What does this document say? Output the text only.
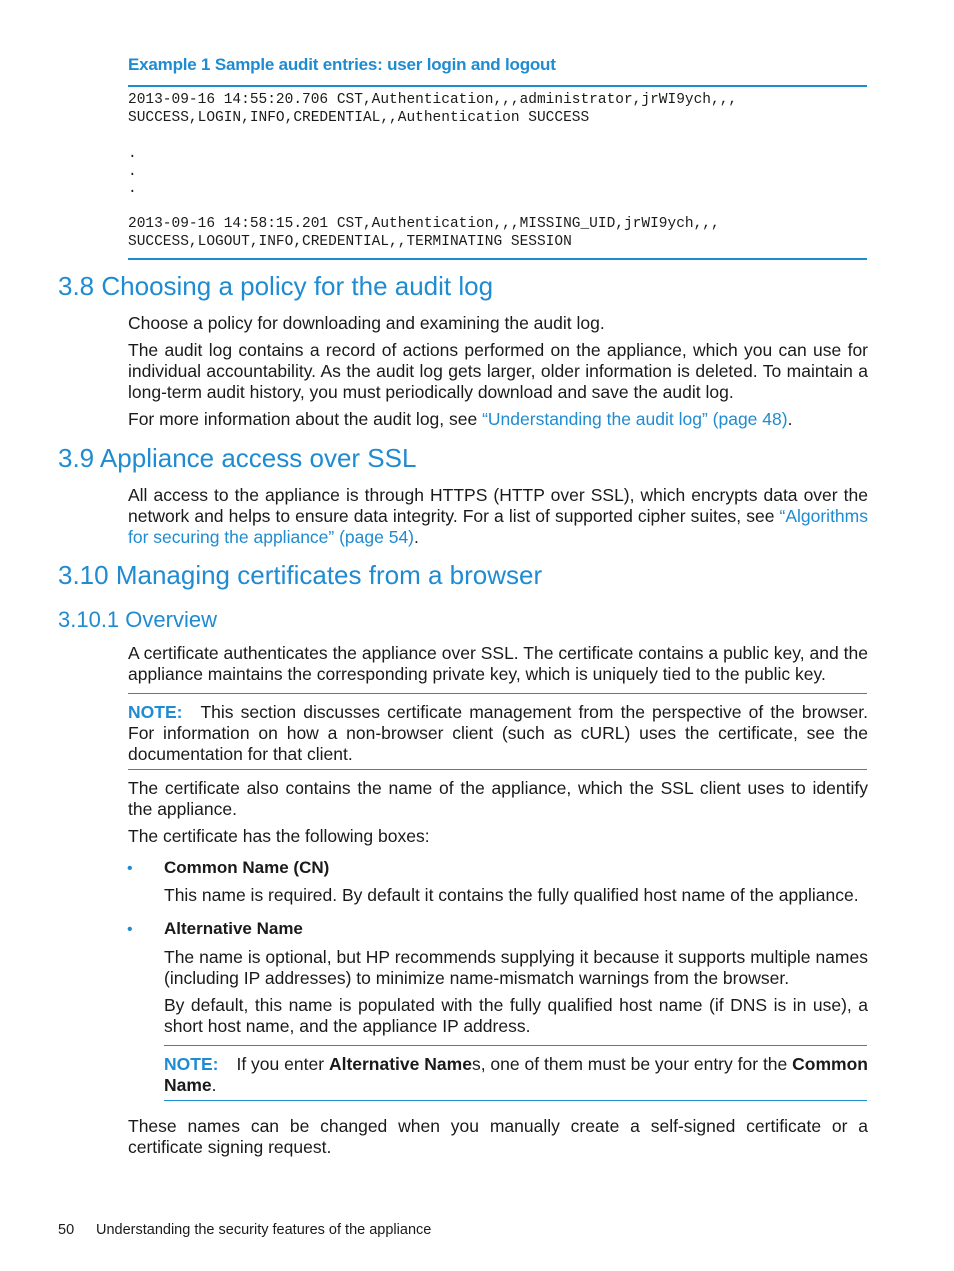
Example 1 Sample audit entries: user login and logout
2013-09-16 14:55:20.706 CST,Authentication,,,administrator,jrWI9ych,,,
SUCCESS,LOGIN,INFO,CREDENTIAL,,Authentication SUCCESS
.
.
.
2013-09-16 14:58:15.201 CST,Authentication,,,MISSING_UID,jrWI9ych,,,
SUCCESS,LOGOUT,INFO,CREDENTIAL,,TERMINATING SESSION
3.8 Choosing a policy for the audit log
Choose a policy for downloading and examining the audit log.
The audit log contains a record of actions performed on the appliance, which you can use for individual accountability. As the audit log gets larger, older information is deleted. To maintain a long-term audit history, you must periodically download and save the audit log.
For more information about the audit log, see “Understanding the audit log” (page 48).
3.9 Appliance access over SSL
All access to the appliance is through HTTPS (HTTP over SSL), which encrypts data over the network and helps to ensure data integrity. For a list of supported cipher suites, see “Algorithms for securing the appliance” (page 54).
3.10 Managing certificates from a browser
3.10.1 Overview
A certificate authenticates the appliance over SSL. The certificate contains a public key, and the appliance maintains the corresponding private key, which is uniquely tied to the public key.
NOTE: This section discusses certificate management from the perspective of the browser. For information on how a non-browser client (such as cURL) uses the certificate, see the documentation for that client.
The certificate also contains the name of the appliance, which the SSL client uses to identify the appliance.
The certificate has the following boxes:
• Common Name (CN)
This name is required. By default it contains the fully qualified host name of the appliance.
• Alternative Name
The name is optional, but HP recommends supplying it because it supports multiple names (including IP addresses) to minimize name-mismatch warnings from the browser.
By default, this name is populated with the fully qualified host name (if DNS is in use), a short host name, and the appliance IP address.
NOTE: If you enter Alternative Names, one of them must be your entry for the Common Name.
These names can be changed when you manually create a self-signed certificate or a certificate signing request.
50 Understanding the security features of the appliance
